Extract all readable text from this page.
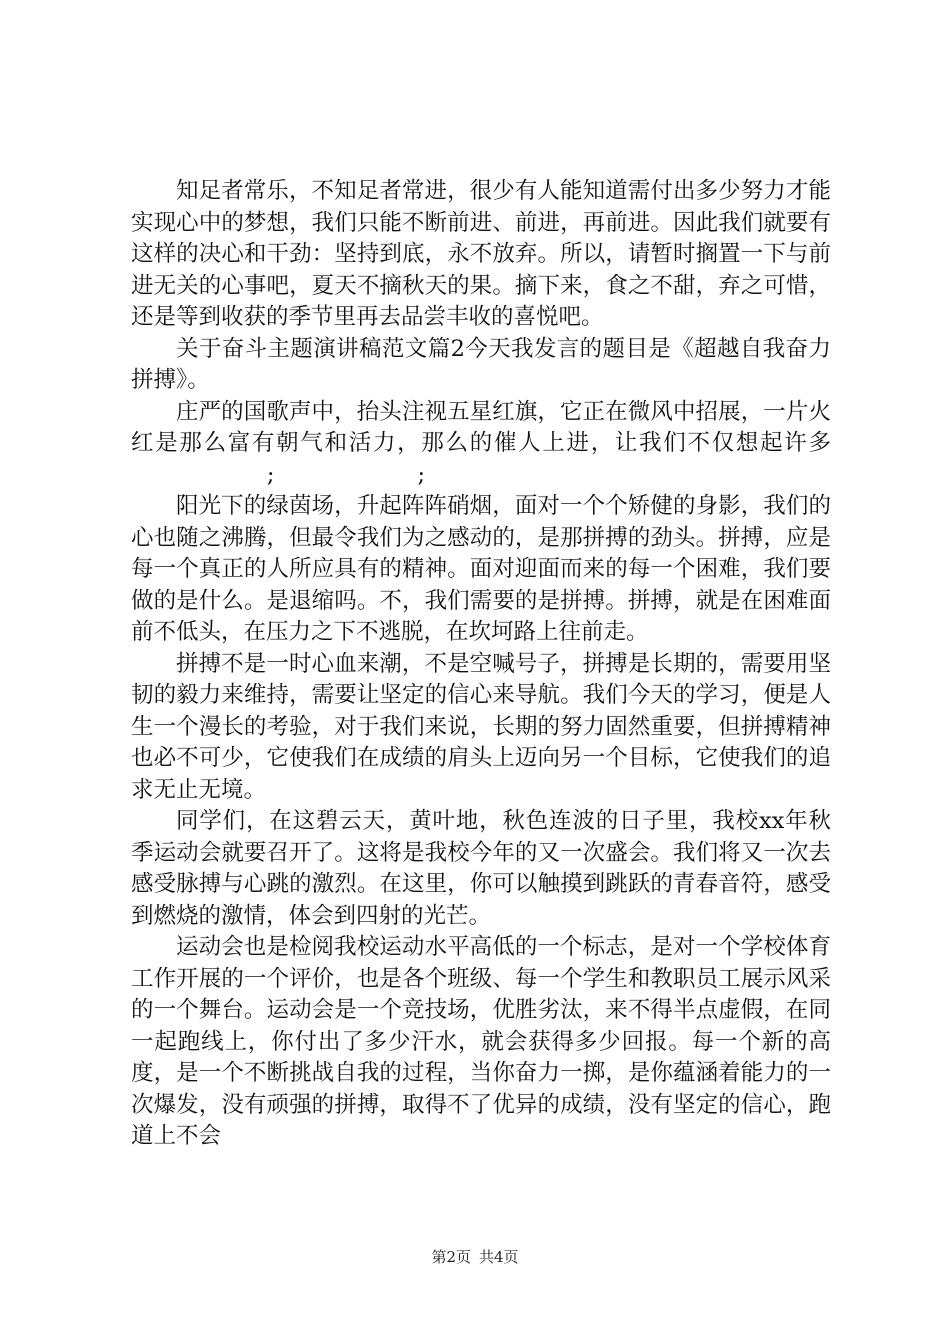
知足者常乐，不知足者常进，很少有人能知道需付出多少努力才能实现心中的梦想，我们只能不断前进、前进，再前进。因此我们就要有这样的决心和干劲：坚持到底，永不放弃。所以，请暂时搁置一下与前进无关的心事吧，夏天不摘秋天的果。摘下来，食之不甜，弃之可惜，还是等到收获的季节里再去品尝丰收的喜悦吧。

关于奋斗主题演讲稿范文篇2今天我发言的题目是《超越自我奋力拼搏》。

庄严的国歌声中，抬头注视五星红旗，它正在微风中招展，一片火红是那么富有朝气和活力，那么的催人上进，让我们不仅想起许多                   ;                    ;

阳光下的绿茵场，升起阵阵硝烟，面对一个个矫健的身影，我们的心也随之沸腾，但最令我们为之感动的，是那拼搏的劲头。拼搏，应是每一个真正的人所应具有的精神。面对迎面而来的每一个困难，我们要做的是什么。是退缩吗。不，我们需要的是拼搏。拼搏，就是在困难面前不低头，在压力之下不逃脱，在坎坷路上往前走。

拼搏不是一时心血来潮，不是空喊号子，拼搏是长期的，需要用坚韧的毅力来维持，需要让坚定的信心来导航。我们今天的学习，便是人生一个漫长的考验，对于我们来说，长期的努力固然重要，但拼搏精神也必不可少，它使我们在成绩的肩头上迈向另一个目标，它使我们的追求无止无境。

同学们，在这碧云天，黄叶地，秋色连波的日子里，我校xx年秋季运动会就要召开了。这将是我校今年的又一次盛会。我们将又一次去感受脉搏与心跳的激烈。在这里，你可以触摸到跳跃的青春音符，感受到燃烧的激情，体会到四射的光芒。

运动会也是检阅我校运动水平高低的一个标志，是对一个学校体育工作开展的一个评价，也是各个班级、每一个学生和教职员工展示风采的一个舞台。运动会是一个竞技场，优胜劣汰，来不得半点虚假，在同一起跑线上，你付出了多少汗水，就会获得多少回报。每一个新的高度，是一个不断挑战自我的过程，当你奋力一掷，是你蕴涵着能力的一次爆发，没有顽强的拼搏，取得不了优异的成绩，没有坚定的信心，跑道上不会

第2页 共4页
